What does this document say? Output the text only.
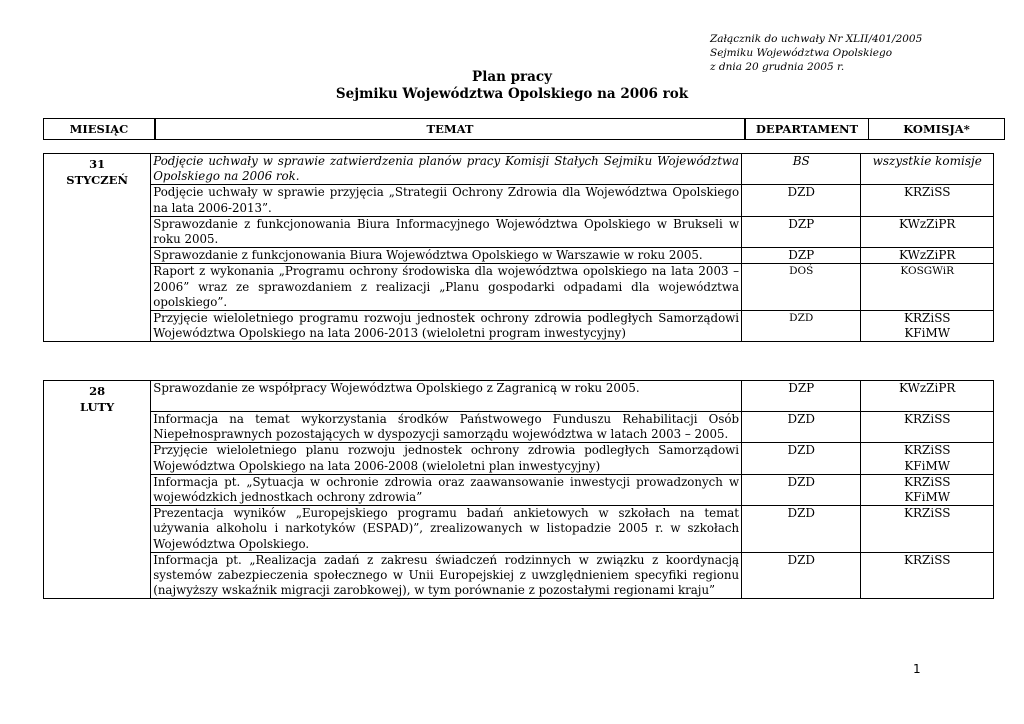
Załącznik do uchwały Nr XLII/401/2005
Sejmiku Województwa Opolskiego
z dnia 20 grudnia 2005 r.
Plan pracy
Sejmiku Województwa Opolskiego na 2006 rok
MIESIĄC	TEMAT	DEPARTAMENT	KOMISJA*
31
STYCZEŃ	Podjęcie uchwały w sprawie zatwierdzenia planów pracy Komisji Stałych Sejmiku Województwa Opolskiego na 2006 rok.	BS	wszystkie komisje
	Podjęcie uchwały w sprawie przyjęcia „Strategii Ochrony Zdrowia dla Województwa Opolskiego na lata 2006-2013”.	DZD	KRZiSS
	Sprawozdanie z funkcjonowania Biura Informacyjnego Województwa Opolskiego w Brukseli w roku 2005.	DZP	KWzZiPR
	Sprawozdanie z funkcjonowania Biura Województwa Opolskiego w Warszawie w roku 2005.	DZP	KWzZiPR
	Raport z wykonania „Programu ochrony środowiska dla województwa opolskiego na lata 2003 – 2006” wraz ze sprawozdaniem z realizacji „Planu gospodarki odpadami dla województwa opolskiego”.	DOŚ	KOSGWiR
	Przyjęcie wieloletniego programu rozwoju jednostek ochrony zdrowia podległych Samorządowi Województwa Opolskiego na lata 2006-2013 (wieloletni program inwestycyjny)	DZD	KRZiSS
KFiMW
28
LUTY	Sprawozdanie ze współpracy Województwa Opolskiego z Zagranicą w roku 2005.	DZP	KWzZiPR
	Informacja na temat wykorzystania środków Państwowego Funduszu Rehabilitacji Osób Niepełnosprawnych pozostających w dyspozycji samorządu województwa w latach 2003 – 2005.	DZD	KRZiSS
	Przyjęcie wieloletniego planu rozwoju jednostek ochrony zdrowia podległych Samorządowi Województwa Opolskiego na lata 2006-2008 (wieloletni plan inwestycyjny)	DZD	KRZiSS
KFiMW

	Informacja pt. „Sytuacja w ochronie zdrowia oraz zaawansowanie inwestycji prowadzonych w wojewódzkich jednostkach ochrony zdrowia”	DZD	KRZiSS
KFiMW

	Prezentacja wyników „Europejskiego programu badań ankietowych w szkołach na temat używania alkoholu i narkotyków (ESPAD)”, zrealizowanych w listopadzie 2005 r. w szkołach Województwa Opolskiego.	DZD	KRZiSS
	Informacja pt. „Realizacja zadań z zakresu świadczeń rodzinnych w związku z koordynacją systemów zabezpieczenia społecznego w Unii Europejskiej z uwzględnieniem specyfiki regionu (najwyższy wskaźnik migracji zarobkowej), w tym porównanie z pozostałymi regionami kraju”	DZD	KRZiSS
1
